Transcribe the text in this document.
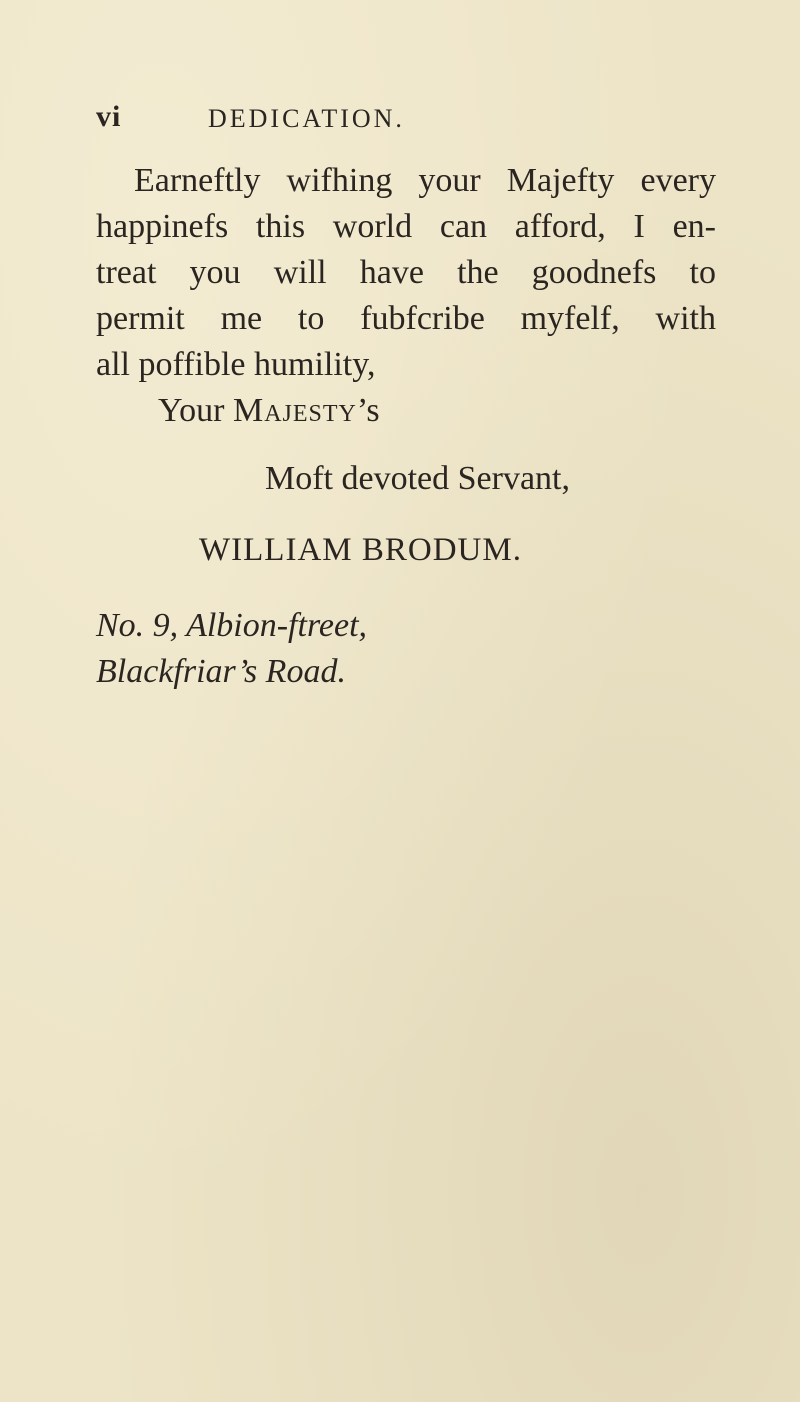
vi	DEDICATION.
Earneftly wifhing your Majefty every
happinefs this world can afford, I en-
treat you will have the goodnefs to
permit me to fubfcribe myfelf, with
all poffible humility,
Your Majesty’s
Moft devoted Servant,
WILLIAM BRODUM.
No. 9, Albion-ftreet,
Blackfriar’s Road.
